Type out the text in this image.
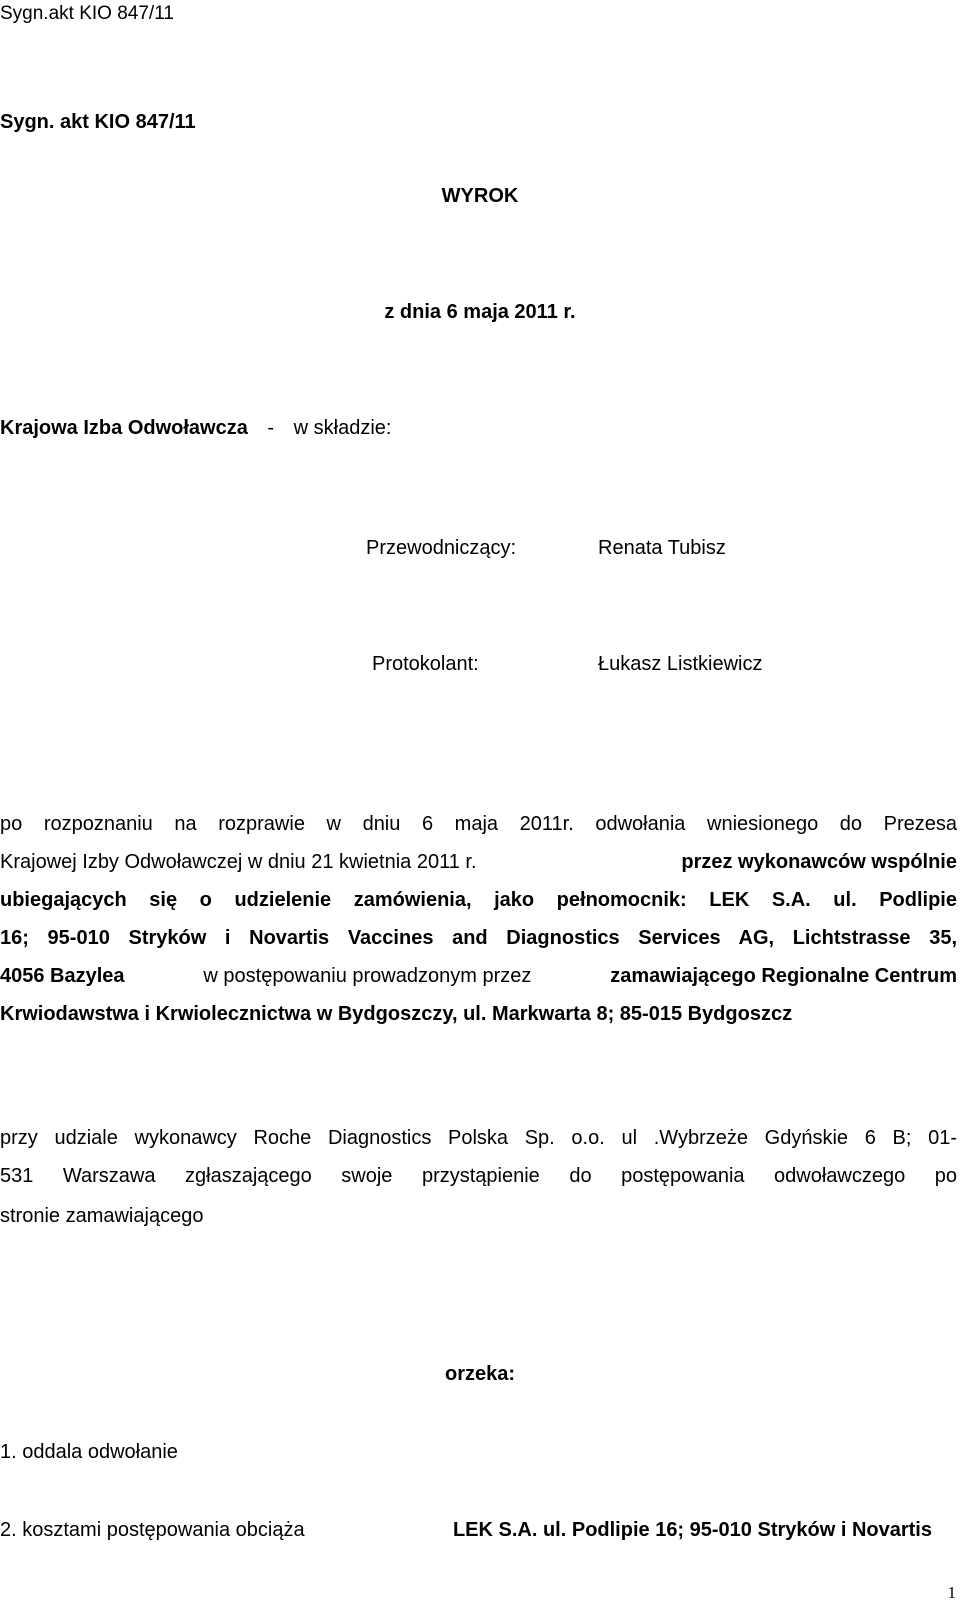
Sygn.akt KIO 847/11
Sygn. akt KIO 847/11
WYROK
z dnia 6 maja 2011 r.
Krajowa Izba Odwoławcza - w składzie:
Przewodniczący:	Renata Tubisz
Protokolant:	Łukasz Listkiewicz
po rozpoznaniu na rozprawie w dniu 6 maja 2011r. odwołania wniesionego do Prezesa
Krajowej Izby Odwoławczej w dniu 21 kwietnia 2011 r.	przez wykonawców wspólnie
ubiegających się o udzielenie zamówienia, jako pełnomocnik: LEK S.A. ul. Podlipie
16; 95-010 Stryków i Novartis Vaccines and Diagnostics Services AG, Lichtstrasse 35,
4056 Bazylea	w postępowaniu prowadzonym przez	zamawiającego Regionalne Centrum
Krwiodawstwa i Krwiolecznictwa w Bydgoszczy, ul. Markwarta 8; 85-015 Bydgoszcz
przy udziale wykonawcy Roche Diagnostics Polska Sp. o.o. ul .Wybrzeże Gdyńskie 6 B; 01-
531 Warszawa zgłaszającego swoje przystąpienie do postępowania odwoławczego po
stronie zamawiającego
orzeka:
1. oddala odwołanie
2. kosztami postępowania obciąża	LEK S.A. ul. Podlipie 16; 95-010 Stryków i Novartis
1
